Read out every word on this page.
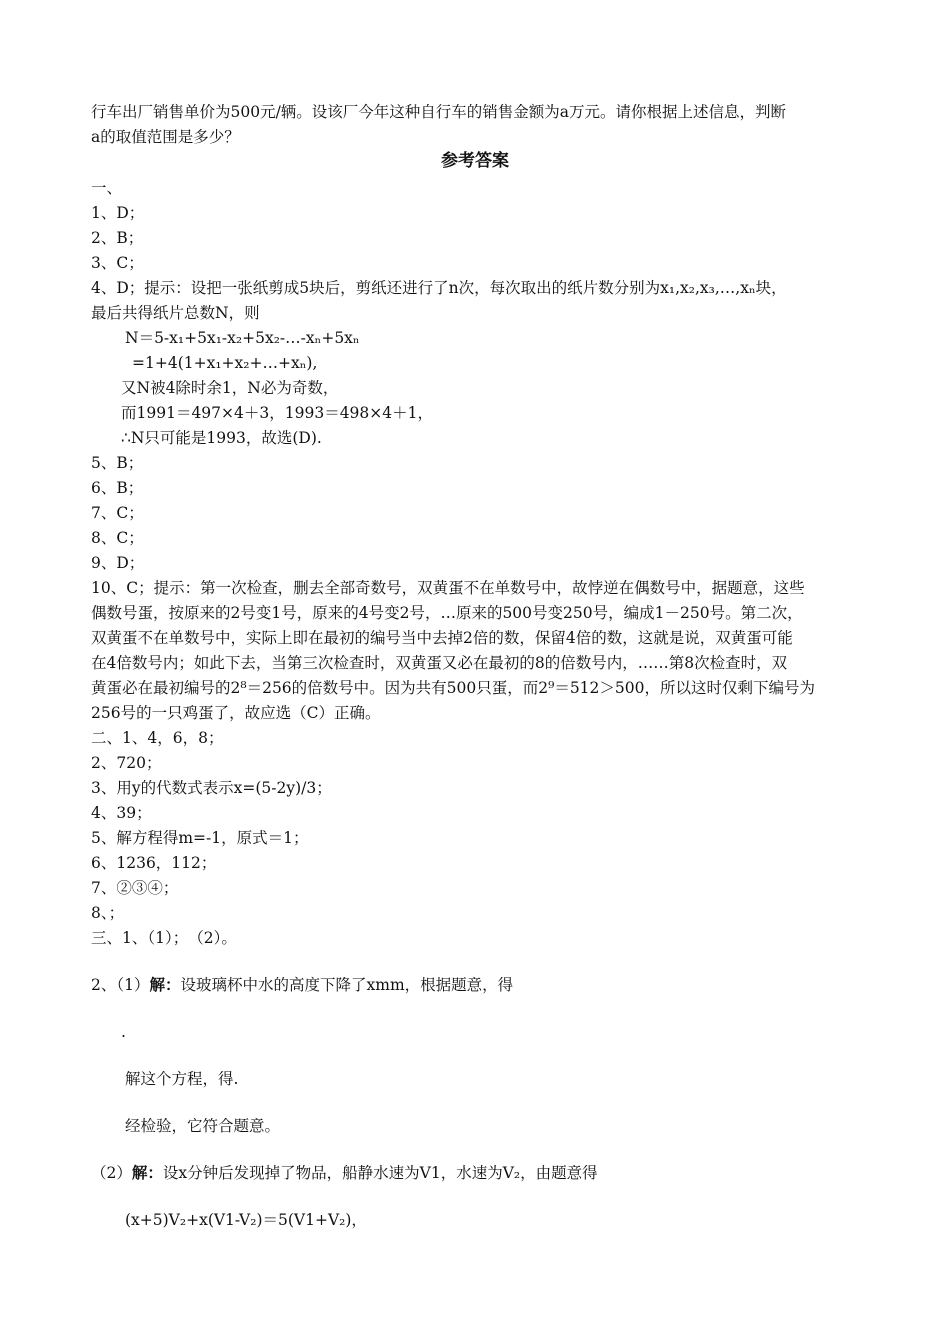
行车出厂销售单价为500元/辆。设该厂今年这种自行车的销售金额为a万元。请你根据上述信息，判断
a的取值范围是多少？
参考答案
一、
1、D；
2、B；
3、C；
4、D；提示：设把一张纸剪成5块后，剪纸还进行了n次，每次取出的纸片数分别为x₁,x₂,x₃,…,xₙ块，
最后共得纸片总数N，则
N＝5-x₁+5x₁-x₂+5x₂-…-xₙ+5xₙ
=1+4(1+x₁+x₂+…+xₙ),
又N被4除时余1，N必为奇数，
而1991＝497×4＋3，1993＝498×4＋1，
∴N只可能是1993，故选(D).
5、B；
6、B；
7、C；
8、C；
9、D；
10、C；提示：第一次检查，删去全部奇数号，双黄蛋不在单数号中，故悖逆在偶数号中，据题意，这些
偶数号蛋，按原来的2号变1号，原来的4号变2号，…原来的500号变250号，编成1－250号。第二次，
双黄蛋不在单数号中，实际上即在最初的编号当中去掉2倍的数，保留4倍的数，这就是说，双黄蛋可能
在4倍数号内；如此下去，当第三次检查时，双黄蛋又必在最初的8的倍数号内，……第8次检查时，双
黄蛋必在最初编号的2⁸＝256的倍数号中。因为共有500只蛋，而2⁹＝512＞500，所以这时仅剩下编号为
256号的一只鸡蛋了，故应选（C）正确。
二、1、4，6，8；
2、720；
3、用y的代数式表示x=(5-2y)/3；
4、39；
5、解方程得m=-1，原式＝1；
6、1236，112；
7、②③④；
8、；
三、1、（1）；　（2）。
2、（1）解：设玻璃杯中水的高度下降了xmm，根据题意，得
.
解这个方程，得.
经检验，它符合题意。
（2）解：设x分钟后发现掉了物品，船静水速为V1，水速为V₂，由题意得
(x+5)V₂+x(V1-V₂)＝5(V1+V₂)，
